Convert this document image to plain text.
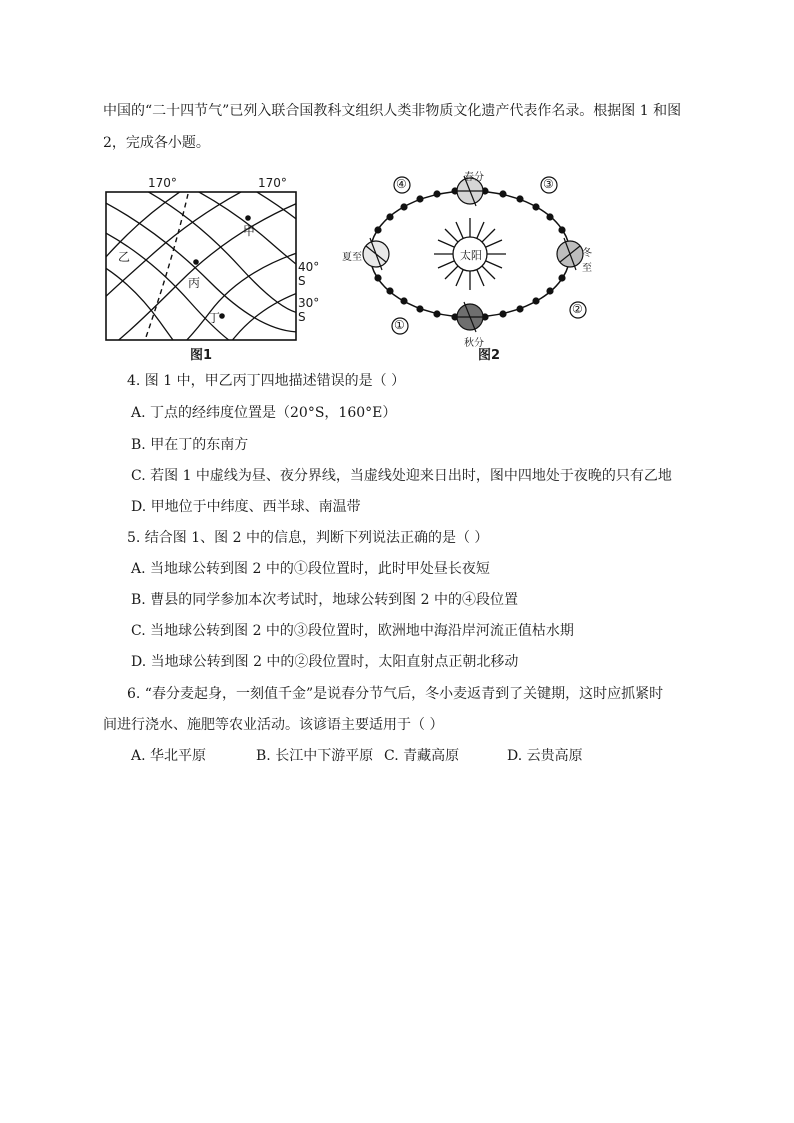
中国的“二十四节气”已列入联合国教科文组织人类非物质文化遗产代表作名录。根据图 1 和图
2，完成各小题。
170°	170°
40° S
30° S
甲
乙
丙
丁
图1
太阳
④	③
①
②
春分
秋分
夏至	冬至
图2
4. 图 1 中，甲乙丙丁四地描述错误的是（ ）
A. 丁点的经纬度位置是（20°S，160°E）
B. 甲在丁的东南方
C. 若图 1 中虚线为昼、夜分界线，当虚线处迎来日出时，图中四地处于夜晚的只有乙地
D. 甲地位于中纬度、西半球、南温带
5. 结合图 1、图 2 中的信息，判断下列说法正确的是（ ）
A. 当地球公转到图 2 中的①段位置时，此时甲处昼长夜短
B. 曹县的同学参加本次考试时，地球公转到图 2 中的④段位置
C. 当地球公转到图 2 中的③段位置时，欧洲地中海沿岸河流正值枯水期
D. 当地球公转到图 2 中的②段位置时，太阳直射点正朝北移动
6. “春分麦起身，一刻值千金”是说春分节气后，冬小麦返青到了关键期，这时应抓紧时
间进行浇水、施肥等农业活动。该谚语主要适用于（ ）
A. 华北平原	B. 长江中下游平原 C. 青藏高原	D. 云贵高原
